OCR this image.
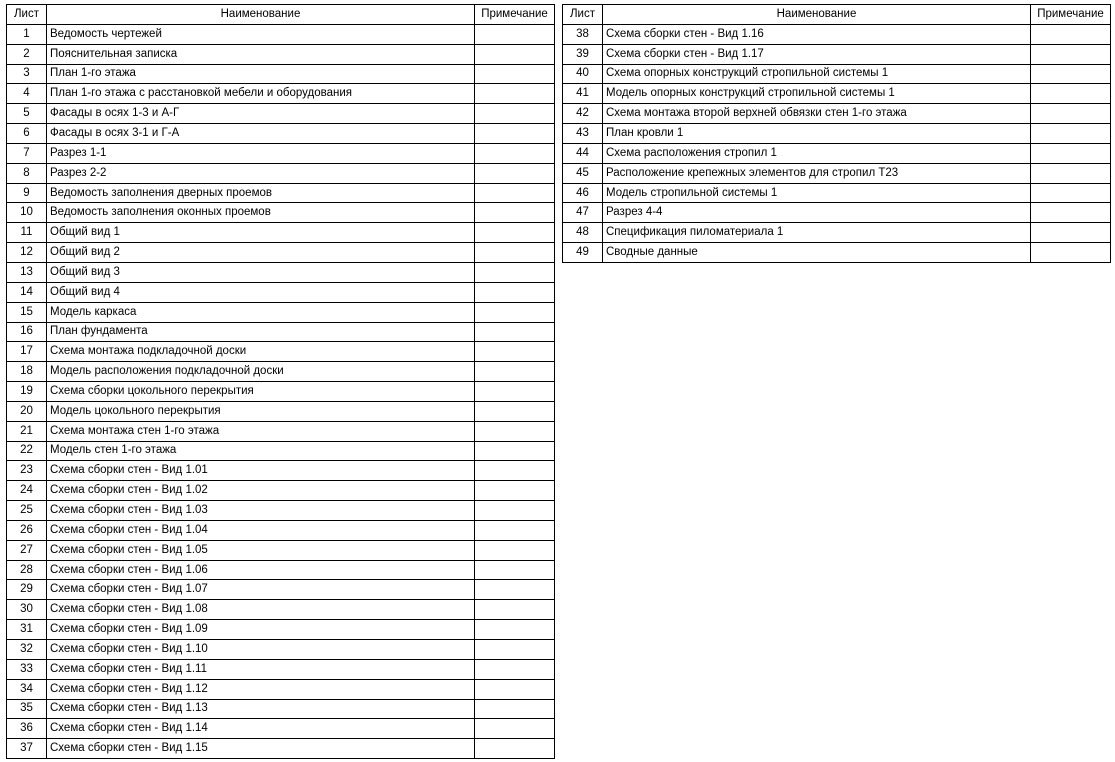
Лист	Наименование	Примечание
1	Ведомость чертежей	
2	Пояснительная записка	
3	План 1-го этажа	
4	План 1-го этажа с расстановкой мебели и оборудования	
5	Фасады в осях 1-3 и А-Г	
6	Фасады в осях 3-1 и Г-А	
7	Разрез 1-1	
8	Разрез 2-2	
9	Ведомость заполнения дверных проемов	
10	Ведомость заполнения оконных проемов	
11	Общий вид 1	
12	Общий вид 2	
13	Общий вид 3	
14	Общий вид 4	
15	Модель каркаса	
16	План фундамента	
17	Схема монтажа подкладочной доски	
18	Модель расположения подкладочной доски	
19	Схема сборки цокольного перекрытия	
20	Модель цокольного перекрытия	
21	Схема монтажа стен 1-го этажа	
22	Модель стен 1-го этажа	
23	Схема сборки стен - Вид 1.01	
24	Схема сборки стен - Вид 1.02	
25	Схема сборки стен - Вид 1.03	
26	Схема сборки стен - Вид 1.04	
27	Схема сборки стен - Вид 1.05	
28	Схема сборки стен - Вид 1.06	
29	Схема сборки стен - Вид 1.07	
30	Схема сборки стен - Вид 1.08	
31	Схема сборки стен - Вид 1.09	
32	Схема сборки стен - Вид 1.10	
33	Схема сборки стен - Вид 1.11	
34	Схема сборки стен - Вид 1.12	
35	Схема сборки стен - Вид 1.13	
36	Схема сборки стен - Вид 1.14	
37	Схема сборки стен - Вид 1.15	
Лист	Наименование	Примечание
38	Схема сборки стен - Вид 1.16	
39	Схема сборки стен - Вид 1.17	
40	Схема опорных конструкций стропильной системы 1	
41	Модель опорных конструкций стропильной системы 1	
42	Схема монтажа второй верхней обвязки стен 1-го этажа	
43	План кровли 1	
44	Схема расположения стропил 1	
45	Расположение крепежных элементов для стропил Т23	
46	Модель стропильной системы 1	
47	Разрез 4-4	
48	Спецификация пиломатериала 1	
49	Сводные данные	
